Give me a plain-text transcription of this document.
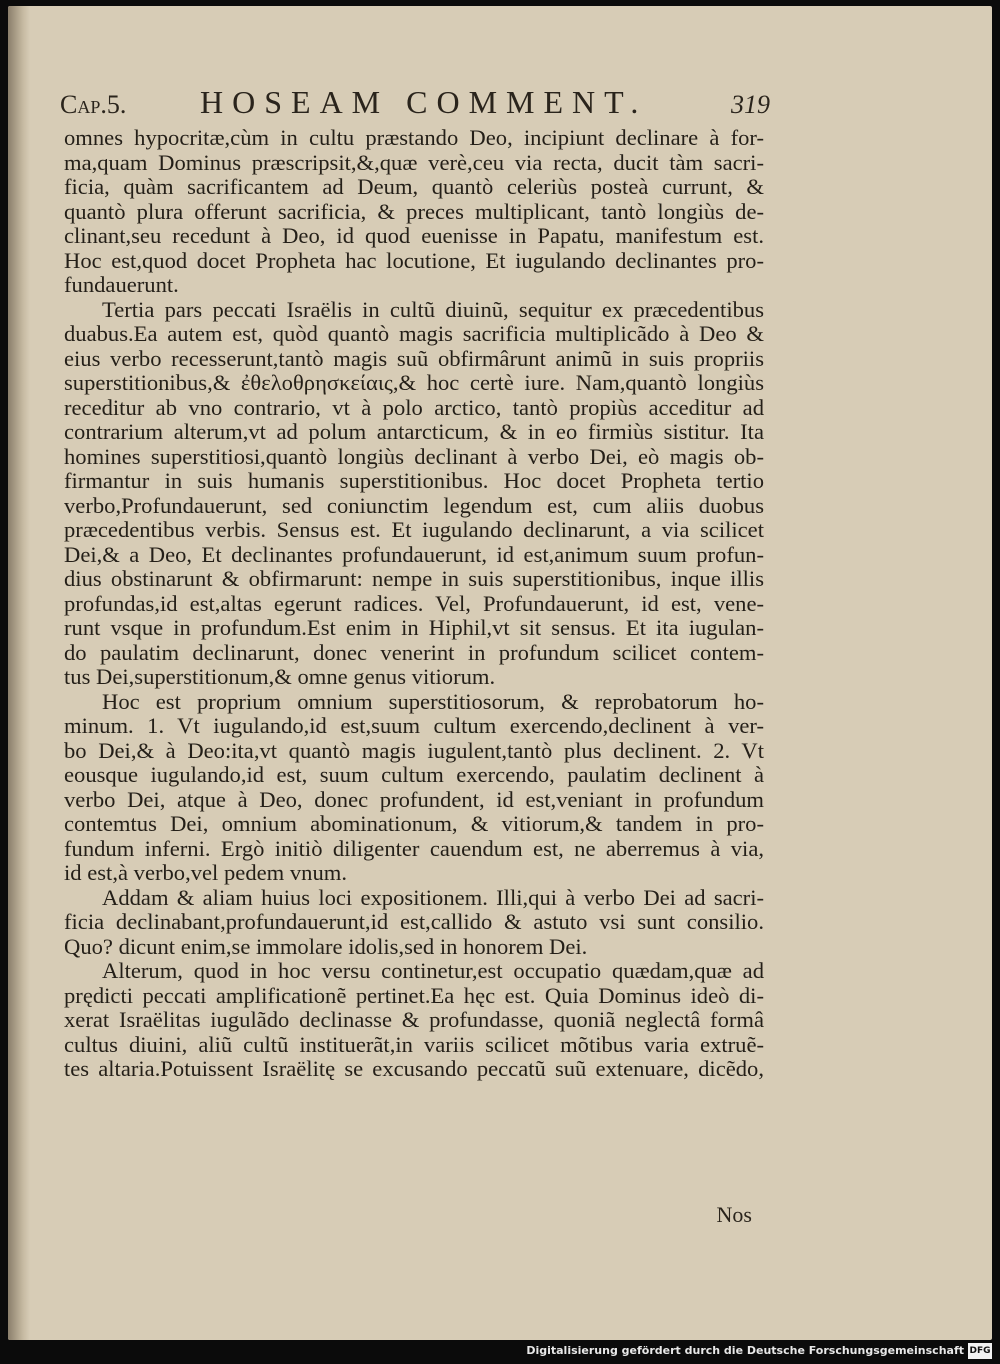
Cap.5. HOSEAM COMMENT.	319
omnes hypocritæ,cùm in cultu præstando Deo, incipiunt declinare à for-
ma,quam Dominus præscripsit,&,quæ verè,ceu via recta, ducit tàm sacri-
ficia, quàm sacrificantem ad Deum, quantò celeriùs posteà currunt, &
quantò plura offerunt sacrificia, & preces multiplicant, tantò longiùs de-
clinant,seu recedunt à Deo, id quod euenisse in Papatu, manifestum est.
Hoc est,quod docet Propheta hac locutione, Et iugulando declinantes pro-
fundauerunt.
Tertia pars peccati Israëlis in cultũ diuinũ, sequitur ex præcedentibus
duabus.Ea autem est, quòd quantò magis sacrificia multiplicãdo à Deo &
eius verbo recesserunt,tantò magis suũ obfirmârunt animũ in suis propriis
superstitionibus,& ἐθελοθρησκείαις,& hoc certè iure. Nam,quantò longiùs
receditur ab vno contrario, vt à polo arctico, tantò propiùs acceditur ad
contrarium alterum,vt ad polum antarcticum, & in eo firmiùs sistitur. Ita
homines superstitiosi,quantò longiùs declinant à verbo Dei, eò magis ob-
firmantur in suis humanis superstitionibus. Hoc docet Propheta tertio
verbo,Profundauerunt, sed coniunctim legendum est, cum aliis duobus
præcedentibus verbis. Sensus est. Et iugulando declinarunt, a via scilicet
Dei,& a Deo, Et declinantes profundauerunt, id est,animum suum profun-
dius obstinarunt & obfirmarunt: nempe in suis superstitionibus, inque illis
profundas,id est,altas egerunt radices. Vel, Profundauerunt, id est, vene-
runt vsque in profundum.Est enim in Hiphil,vt sit sensus. Et ita iugulan-
do paulatim declinarunt, donec venerint in profundum scilicet contem-
tus Dei,superstitionum,& omne genus vitiorum.
Hoc est proprium omnium superstitiosorum, & reprobatorum ho-
minum. 1. Vt iugulando,id est,suum cultum exercendo,declinent à ver-
bo Dei,& à Deo:ita,vt quantò magis iugulent,tantò plus declinent. 2. Vt
eousque iugulando,id est, suum cultum exercendo, paulatim declinent à
verbo Dei, atque à Deo, donec profundent, id est,veniant in profundum
contemtus Dei, omnium abominationum, & vitiorum,& tandem in pro-
fundum inferni. Ergò initiò diligenter cauendum est, ne aberremus à via,
id est,à verbo,vel pedem vnum.
Addam & aliam huius loci expositionem. Illi,qui à verbo Dei ad sacri-
ficia declinabant,profundauerunt,id est,callido & astuto vsi sunt consilio.
Quo? dicunt enim,se immolare idolis,sed in honorem Dei.
Alterum, quod in hoc versu continetur,est occupatio quædam,quæ ad
prędicti peccati amplificationẽ pertinet.Ea hęc est. Quia Dominus ideò di-
xerat Israëlitas iugulãdo declinasse & profundasse, quoniã neglectâ formâ
cultus diuini, aliũ cultũ instituerãt,in variis scilicet mõtibus varia extruẽ-
tes altaria.Potuissent Israëlitę se excusando peccatũ suũ extenuare, dicẽdo,
Nos
Digitalisierung gefördert durch die Deutsche Forschungsgemeinschaft DFG
